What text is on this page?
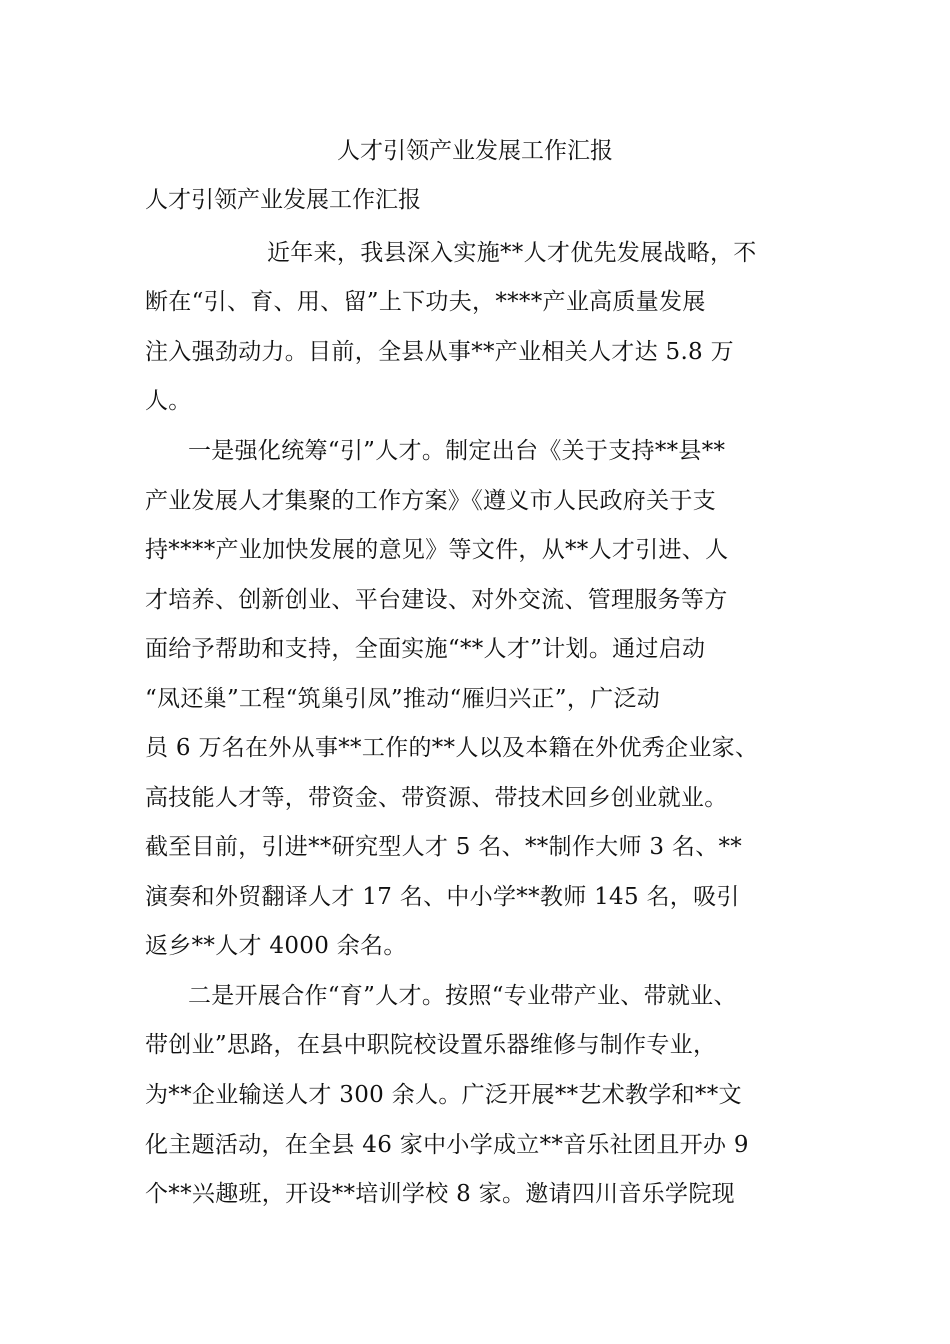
人才引领产业发展工作汇报
人才引领产业发展工作汇报

近年来，我县深入实施**人才优先发展战略，不

断在“引、育、用、留”上下功夫，****产业高质量发展

注入强劲动力。目前，全县从事**产业相关人才达 5.8 万

人。

一是强化统筹“引”人才。制定出台《关于支持**县**

产业发展人才集聚的工作方案》《遵义市人民政府关于支

持****产业加快发展的意见》等文件，从**人才引进、人

才培养、创新创业、平台建设、对外交流、管理服务等方

面给予帮助和支持，全面实施“**人才”计划。通过启动

“凤还巢”工程“筑巢引凤”推动“雁归兴正”，广泛动

员 6 万名在外从事**工作的**人以及本籍在外优秀企业家、

高技能人才等，带资金、带资源、带技术回乡创业就业。

截至目前，引进**研究型人才 5 名、**制作大师 3 名、**

演奏和外贸翻译人才 17 名、中小学**教师 145 名，吸引

返乡**人才 4000 余名。

二是开展合作“育”人才。按照“专业带产业、带就业、

带创业”思路，在县中职院校设置乐器维修与制作专业，

为**企业输送人才 300 余人。广泛开展**艺术教学和**文

化主题活动，在全县 46 家中小学成立**音乐社团且开办 9

个**兴趣班，开设**培训学校 8 家。邀请四川音乐学院现
